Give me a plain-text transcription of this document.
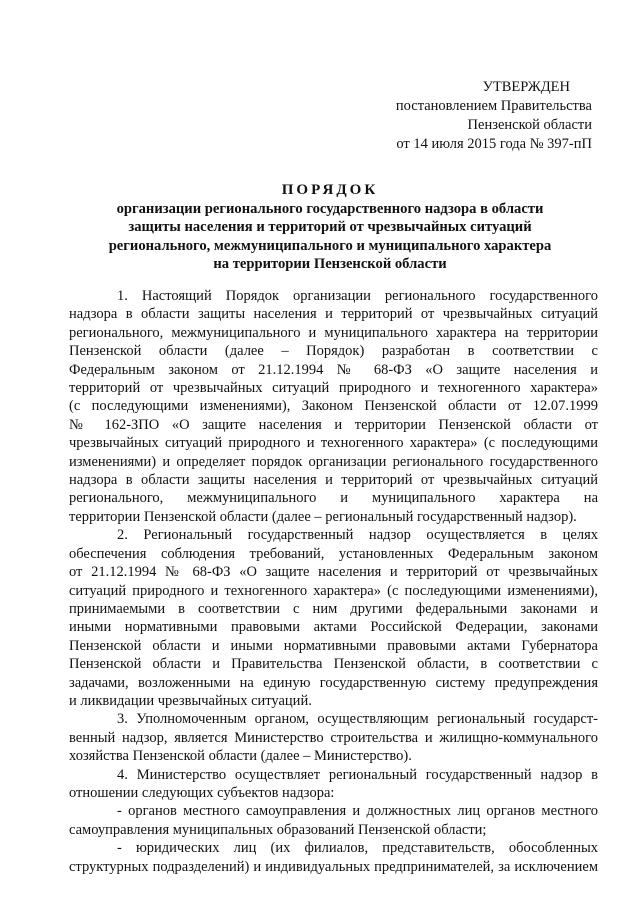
УТВЕРЖДЕН
постановлением Правительства
Пензенской области
от 14 июля 2015 года № 397-пП
ПОРЯДОК
организации регионального государственного надзора в области
защиты населения и территорий от чрезвычайных ситуаций
регионального, межмуниципального и муниципального характера
на территории Пензенской области

1. Настоящий Порядок организации регионального государственного
надзора в области защиты населения и территорий от чрезвычайных ситуаций
регионального, межмуниципального и муниципального характера на территории
Пензенской области (далее – Порядок) разработан в соответствии с
Федеральным законом от 21.12.1994 № 68-ФЗ «О защите населения и
территорий от чрезвычайных ситуаций природного и техногенного характера»
(с последующими изменениями), Законом Пензенской области от 12.07.1999
№ 162-ЗПО «О защите населения и территории Пензенской области от
чрезвычайных ситуаций природного и техногенного характера» (с последующими
изменениями) и определяет порядок организации регионального государственного
надзора в области защиты населения и территорий от чрезвычайных ситуаций
регионального, межмуниципального и муниципального характера на
территории Пензенской области (далее – региональный государственный надзор).

2. Региональный государственный надзор осуществляется в целях
обеспечения соблюдения требований, установленных Федеральным законом
от 21.12.1994 № 68-ФЗ «О защите населения и территорий от чрезвычайных
ситуаций природного и техногенного характера» (с последующими изменениями),
принимаемыми в соответствии с ним другими федеральными законами и
иными нормативными правовыми актами Российской Федерации, законами
Пензенской области и иными нормативными правовыми актами Губернатора
Пензенской области и Правительства Пензенской области, в соответствии с
задачами, возложенными на единую государственную систему предупреждения
и ликвидации чрезвычайных ситуаций.

3. Уполномоченным органом, осуществляющим региональный государст-
венный надзор, является Министерство строительства и жилищно-коммунального
хозяйства Пензенской области (далее – Министерство).

4. Министерство осуществляет региональный государственный надзор в
отношении следующих субъектов надзора:

- органов местного самоуправления и должностных лиц органов местного
самоуправления муниципальных образований Пензенской области;

- юридических лиц (их филиалов, представительств, обособленных
структурных подразделений) и индивидуальных предпринимателей, за исключением
